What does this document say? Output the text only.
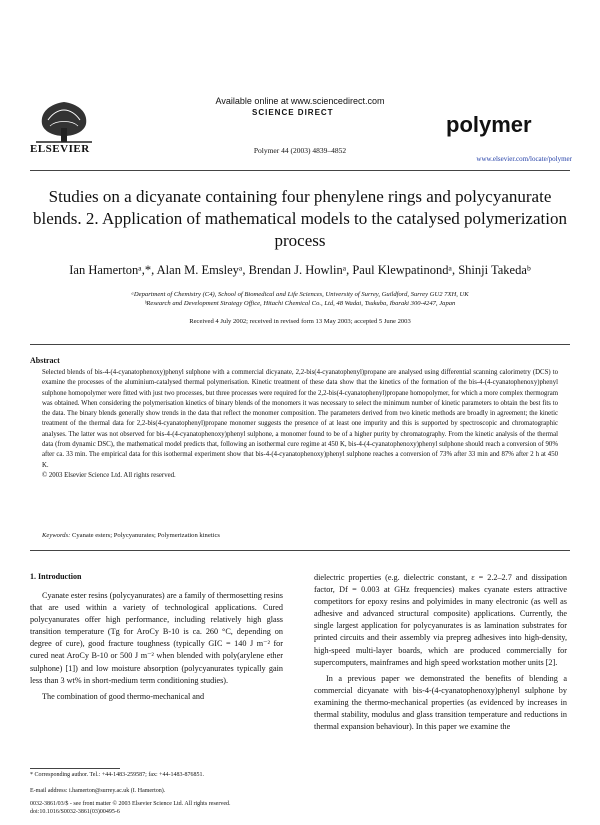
ELSEVIER
Available online at www.sciencedirect.com
SCIENCE DIRECT
Polymer 44 (2003) 4839–4852
polymer
www.elsevier.com/locate/polymer
Studies on a dicyanate containing four phenylene rings and polycyanurate blends. 2. Application of mathematical models to the catalysed polymerization process
Ian Hamertonᵃ,*, Alan M. Emsleyᵃ, Brendan J. Howlinᵃ, Paul Klewpatinondᵃ, Shinji Takedaᵇ
ᵃDepartment of Chemistry (C4), School of Biomedical and Life Sciences, University of Surrey, Guildford, Surrey GU2 7XH, UK
ᵇResearch and Development Strategy Office, Hitachi Chemical Co., Ltd, 48 Wadai, Tsukuba, Ibaraki 300-4247, Japan
Received 4 July 2002; received in revised form 13 May 2003; accepted 5 June 2003
Abstract
Selected blends of bis-4-(4-cyanatophenoxy)phenyl sulphone with a commercial dicyanate, 2,2-bis(4-cyanatophenyl)propane are analysed using differential scanning calorimetry (DCS) to examine the processes of the aluminium-catalysed thermal polymerisation. Kinetic treatment of these data show that the kinetics of the formation of the bis-4-(4-cyanatophenoxy)phenyl sulphone homopolymer were fitted with just two processes, but three processes were required for the 2,2-bis(4-cyanatophenyl)propane homopolymer, for which a more complex thermogram was obtained. When considering the polymerisation kinetics of binary blends of the monomers it was necessary to select the minimum number of kinetic parameters to obtain the best fits to the data. The binary blends generally show trends in the data that reflect the monomer composition. The parameters derived from two kinetic methods are broadly in agreement; the kinetic treatment of the thermal data for 2,2-bis(4-cyanatophenyl)propane monomer suggests the presence of at least one impurity and this is supported by spectroscopic and chromatographic analyses. The latter was not observed for bis-4-(4-cyanatophenoxy)phenyl sulphone, a monomer found to be of a higher purity by chromatography. From the kinetic analysis of the thermal data (from dynamic DSC), the mathematical model predicts that, following an isothermal cure regime at 450 K, bis-4-(4-cyanatophenoxy)phenyl sulphone should reach a conversion of 90% after ca. 33 min. The empirical data for this isothermal experiment show that bis-4-(4-cyanatophenoxy)phenyl sulphone reaches a conversion of 73% after 33 min and 87% after 2 h at 450 K.
© 2003 Elsevier Science Ltd. All rights reserved.
Keywords: Cyanate esters; Polycyanurates; Polymerization kinetics
1. Introduction

Cyanate ester resins (polycyanurates) are a family of thermosetting resins that are used within a variety of technological applications. Cured polycyanurates offer high performance, including relatively high glass transition temperature (Tg for AroCy B-10 is ca. 260 °C, depending on degree of cure), good fracture toughness (typically GIC = 140 J m⁻² for cured neat AroCy B-10 or 500 J m⁻² when blended with poly(arylene ether sulphone) [1]) and low moisture absorption (polycyanurates typically gain less than 3 wt% in short-medium term conditioning studies).

The combination of good thermo-mechanical and

dielectric properties (e.g. dielectric constant, ε = 2.2–2.7 and dissipation factor, Df = 0.003 at GHz frequencies) makes cyanate esters attractive competitors for epoxy resins and polyimides in many electronic (as well as adhesive and advanced structural composite) applications. Currently, the single largest application for polycyanurates is as lamination substrates for printed circuits and their assembly via prepreg adhesives into high-density, high-speed multi-layer boards, which are produced commercially for supercomputers, mainframes and high speed workstation mother units [2].

In a previous paper we demonstrated the benefits of blending a commercial dicyanate with bis-4-(4-cyanatophenoxy)phenyl sulphone by examining the thermo-mechanical properties (as evidenced by increases in thermal stability, modulus and glass transition temperature and reductions in thermal expansion behaviour). In this paper we examine the

* Corresponding author. Tel.: +44-1483-259587; fax: +44-1483-876851.
E-mail address: i.hamerton@surrey.ac.uk (I. Hamerton).
0032-3861/03/$ - see front matter © 2003 Elsevier Science Ltd. All rights reserved.
doi:10.1016/S0032-3861(03)00495-6
